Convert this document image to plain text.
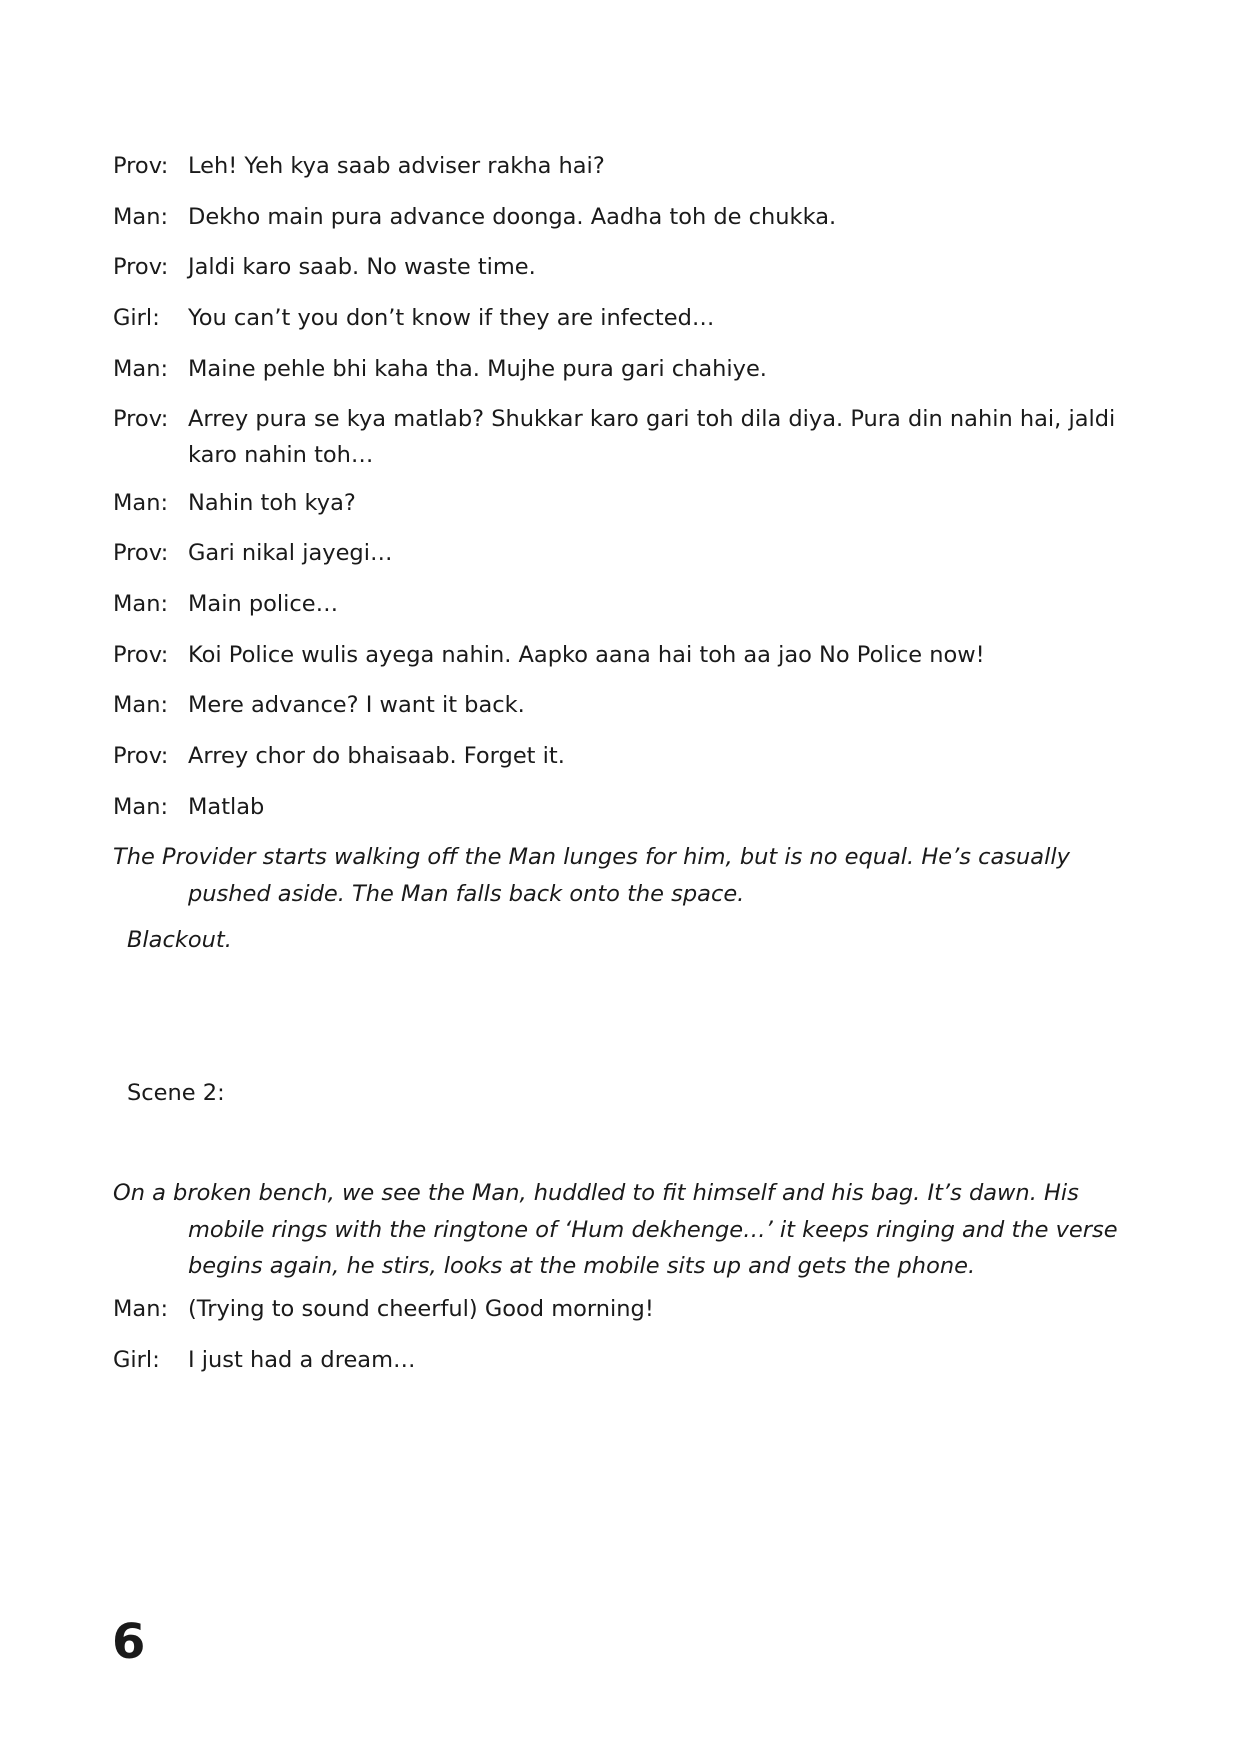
Prov: Leh! Yeh kya saab adviser rakha hai?
Man: Dekho main pura advance doonga. Aadha toh de chukka.
Prov: Jaldi karo saab. No waste time.
Girl: You can’t you don’t know if they are infected…
Man: Maine pehle bhi kaha tha. Mujhe pura gari chahiye.
Prov: Arrey pura se kya matlab? Shukkar karo gari toh dila diya. Pura din nahin hai, jaldi karo nahin toh…
Man: Nahin toh kya?
Prov: Gari nikal jayegi…
Man: Main police…
Prov: Koi Police wulis ayega nahin. Aapko aana hai toh aa jao No Police now!
Man: Mere advance? I want it back.
Prov: Arrey chor do bhaisaab. Forget it.
Man: Matlab
The Provider starts walking off the Man lunges for him, but is no equal. He’s casually pushed aside. The Man falls back onto the space.
Blackout.
Scene 2:
On a broken bench, we see the Man, huddled to fit himself and his bag. It’s dawn. His mobile rings with the ringtone of ‘Hum dekhenge…’ it keeps ringing and the verse begins again, he stirs, looks at the mobile sits up and gets the phone.
Man: (Trying to sound cheerful) Good morning!
Girl: I just had a dream…
6
